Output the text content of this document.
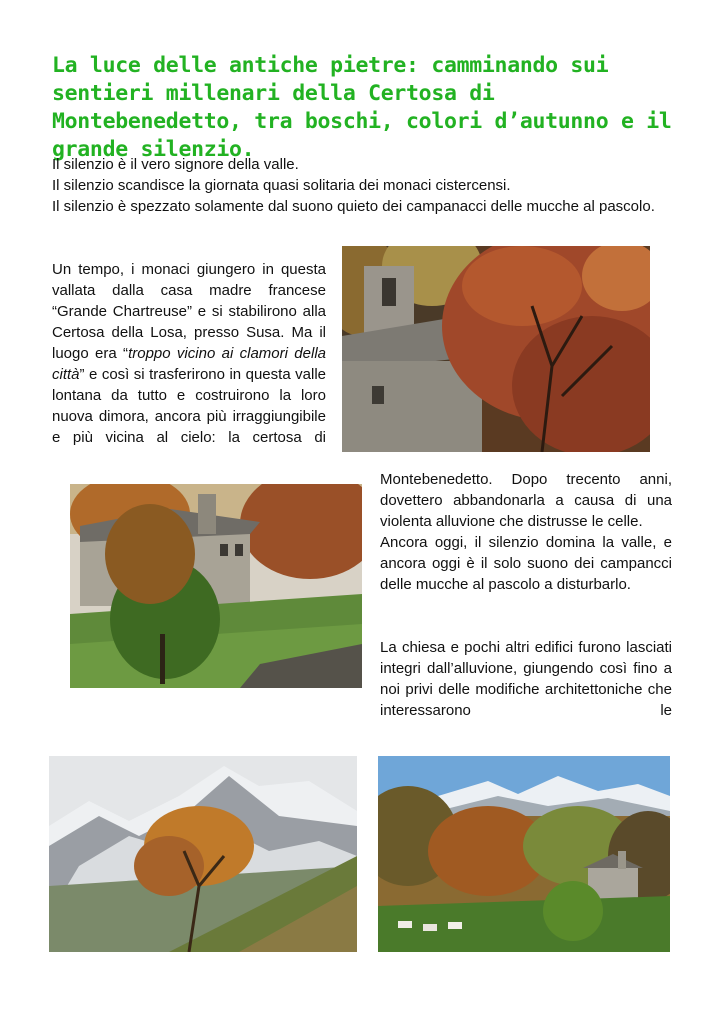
La luce delle antiche pietre: camminando sui sentieri millenari della Certosa di Montebenedetto, tra boschi, colori d’autunno e il grande silenzio.
Il silenzio è il vero signore della valle.
Il silenzio scandisce la giornata quasi solitaria dei monaci cistercensi.
Il silenzio è spezzato solamente dal suono quieto dei campanacci delle mucche al pascolo.

Un tempo, i monaci giungero in questa vallata dalla casa madre francese “Grande Chartreuse” e si stabilirono alla Certosa della Losa, presso Susa. Ma il luogo era “troppo vicino ai clamori della città” e così si trasferirono in questa valle lontana da tutto e costruirono la loro nuova dimora, ancora più irraggiungibile e più vicina al cielo: la certosa di

Montebenedetto. Dopo trecento anni, dovettero abbandonarla a causa di una violenta alluvione che distrusse le celle.

Ancora oggi, il silenzio domina la valle, e ancora oggi è il solo suono dei campancci delle mucche al pascolo a disturbarlo.

La chiesa e pochi altri edifici furono lasciati integri dall’alluvione, giungendo così fino a noi privi delle modifiche architettoniche che interessarono le
